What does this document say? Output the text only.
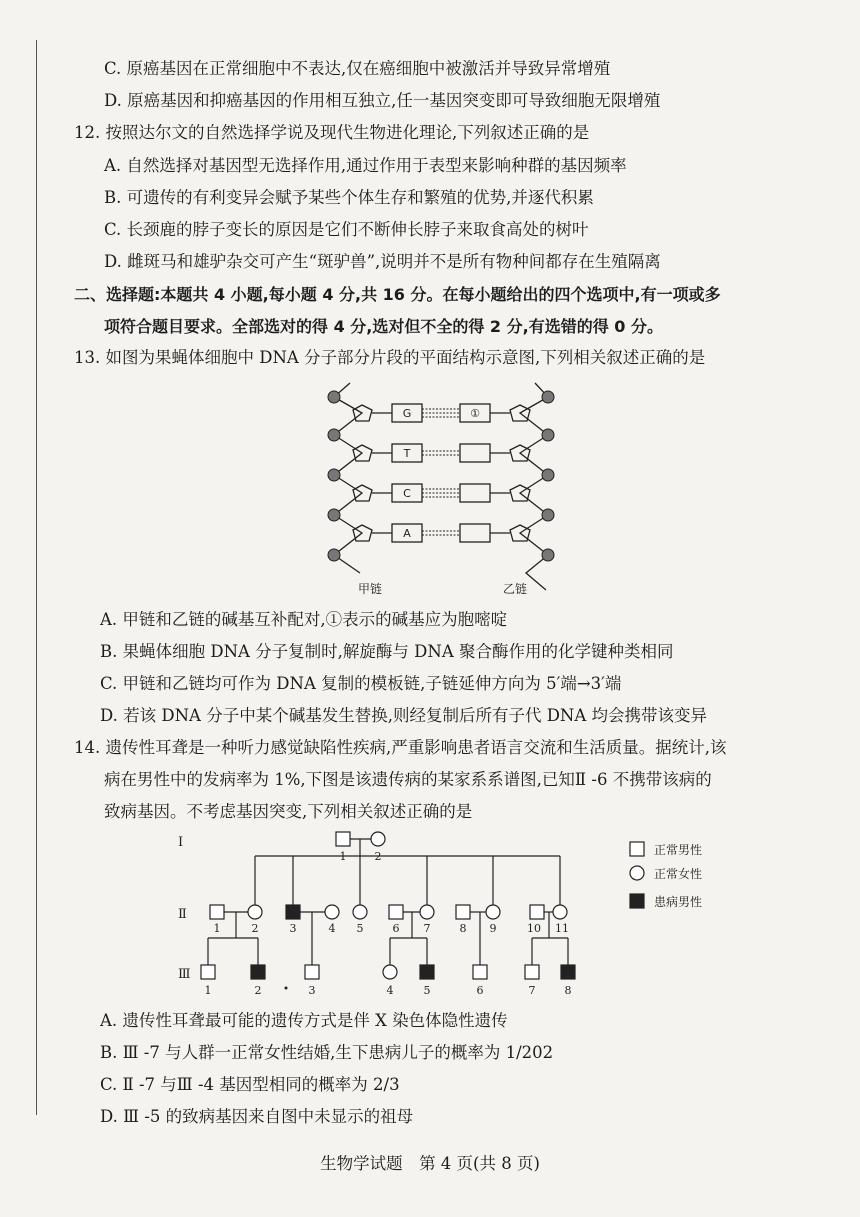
C. 原癌基因在正常细胞中不表达,仅在癌细胞中被激活并导致异常增殖
D. 原癌基因和抑癌基因的作用相互独立,任一基因突变即可导致细胞无限增殖
12. 按照达尔文的自然选择学说及现代生物进化理论,下列叙述正确的是
A. 自然选择对基因型无选择作用,通过作用于表型来影响种群的基因频率
B. 可遗传的有利变异会赋予某些个体生存和繁殖的优势,并逐代积累
C. 长颈鹿的脖子变长的原因是它们不断伸长脖子来取食高处的树叶
D. 雌斑马和雄驴杂交可产生“斑驴兽”,说明并不是所有物种间都存在生殖隔离
二、选择题:本题共 4 小题,每小题 4 分,共 16 分。在每小题给出的四个选项中,有一项或多
项符合题目要求。全部选对的得 4 分,选对但不全的得 2 分,有选错的得 0 分。
13. 如图为果蝇体细胞中 DNA 分子部分片段的平面结构示意图,下列相关叙述正确的是
G
T
C
A
①
甲链	乙链
A. 甲链和乙链的碱基互补配对,①表示的碱基应为胞嘧啶
B. 果蝇体细胞 DNA 分子复制时,解旋酶与 DNA 聚合酶作用的化学键种类相同
C. 甲链和乙链均可作为 DNA 复制的模板链,子链延伸方向为 5′端→3′端
D. 若该 DNA 分子中某个碱基发生替换,则经复制后所有子代 DNA 均会携带该变异
14. 遗传性耳聋是一种听力感觉缺陷性疾病,严重影响患者语言交流和生活质量。据统计,该
病在男性中的发病率为 1%,下图是该遗传病的某家系系谱图,已知Ⅱ -6 不携带该病的
致病基因。不考虑基因突变,下列相关叙述正确的是
Ⅰ
Ⅱ
Ⅲ
1	2
1	2	3	4 5	6 7	8 9	10 11
1	2	3	4	5	6	7	8
正常男性
正常女性
患病男性
A. 遗传性耳聋最可能的遗传方式是伴 X 染色体隐性遗传
B. Ⅲ -7 与人群一正常女性结婚,生下患病儿子的概率为 1/202
C. Ⅱ -7 与Ⅲ -4 基因型相同的概率为 2/3
D. Ⅲ -5 的致病基因来自图中未显示的祖母
生物学试题　第 4 页(共 8 页)
